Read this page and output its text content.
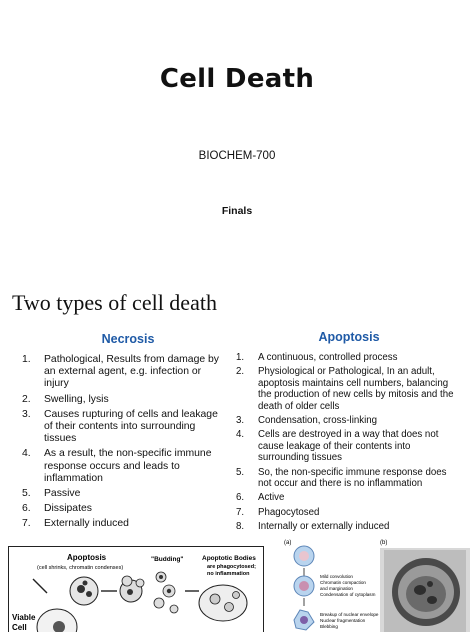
Cell Death
BIOCHEM-700
Finals
Two types of cell death
Necrosis
1.	Pathological, Results from damage by an external agent, e.g. infection or injury
2.	Swelling, lysis
3.	Causes rupturing of cells and leakage of their contents into surrounding tissues
4.	As a result, the non-specific immune response occurs and leads to inflammation
5.	Passive
6.	Dissipates
7.	Externally induced
Apoptosis
1.	A continuous, controlled process
2.	Physiological or Pathological, In an adult, apoptosis maintains cell numbers, balancing the production of new cells by mitosis and the death of older cells
3.	Condensation, cross-linking
4.	Cells are destroyed in a way that does not cause leakage of their contents into surrounding tissues
5.	So, the non-specific immune response does not occur and there is no inflammation
6.	Active
7.	Phagocytosed
8.	Internally or externally induced
Apoptosis
(cell shrinks, chromatin condenses)
"Budding"	Apoptotic Bodies
are phagocytosed;
no inflammation
Viable
Cell
(a)	(b)
Mild convolution
Chromatin compaction
and margination
Condensation of cytoplasm
Breakup of nuclear envelope
Nuclear fragmentation
Blebbing
